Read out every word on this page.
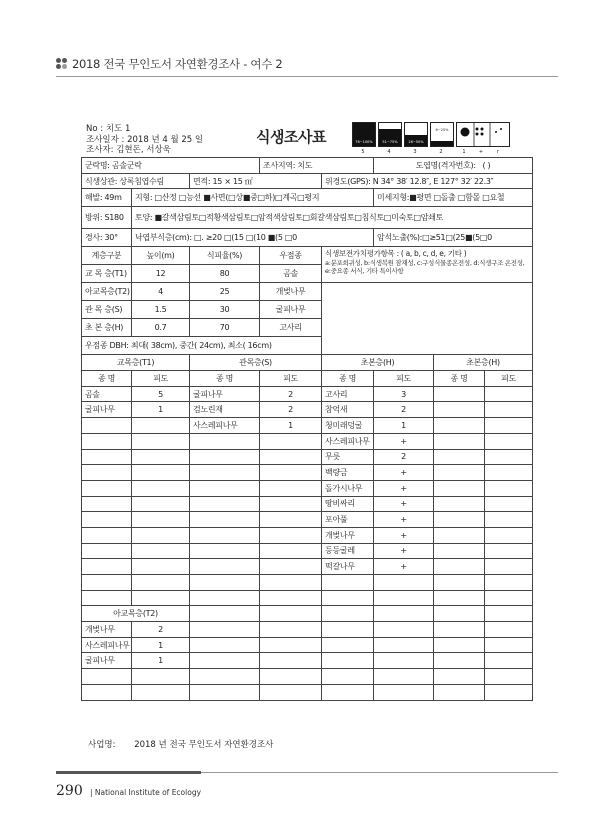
2018 전국 무인도서 자연환경조사 - 여수 2
No : 치도 1
조사일자 : 2018 년 4 월 25 일
조사자: 김현돈, 서상욱
식생조사표	76~100%
5
51~75%
4
26~50%
3
6~25%
2	1	+	r
군락명: 곰솔군락			조사지역: 치도		도엽명(격자번호): ( )		
식생상관: 상록침엽수림		면적: 15 × 15 ㎡		위경도(GPS): N 34° 38′ 12.8″, E 127° 32′ 22.3″			
해발: 49m	지형: □산정 □능선 ■사면(□상■중□하)□계곡□평지				미세지형:■평면 □돌출 □함몰 □요철		
방위: S180	토양: ■갈색삼림토□적황색삼림토□암적색삼림토□회갈색삼림토□침식토□미숙토□암쇄토						
경사: 30°	낙엽부식층(cm): □. ≥20 □(15 □(10 ■(5 □0				암석노출(%):□≥51□(25■(5□0		
계층구분	높이(m)	식피율(%)	우점종	식생보전가치평가항목 : ( a, b, c, d, e, 기타 )
a:분포희귀성, b:식생복원 잠재성, c:구성식물종온전성, d:식생구조 온전성, e:중요종 서식, 기타 특이사항			

교 목 층(T1)	12	80	곰솔				
아교목층(T2)	4	25	개벚나무				
관 목 층(S)	1.5	30	굴피나무				
초 본 층(H)	0.7	70	고사리				
우점종 DBH: 최대( 38cm), 중간( 24cm), 최소( 16cm)							
교목층(T1)		관목층(S)		초본층(H)		초본층(H)	
종 명	피도	종 명	피도	종 명	피도	종 명	피도
곰솔	5	굴피나무	2	고사리	3		
굴피나무	1	검노린재	2	참억새	2		
		사스레피나무	1	청미래덩굴	1		
				사스레피나무	+		
				무릇	2		
				백량금	+		
				돌가시나무	+		
				땅비싸리	+		
				포아풀	+		
				개벚나무	+		
				등등굴레	+		
				떡갈나무	+		

아교목층(T2)							
개벚나무	2						
사스레피나무	1						
굴피나무	1						

사업명: 2018 년 전국 무인도서 자연환경조사
290 | National Institute of Ecology
